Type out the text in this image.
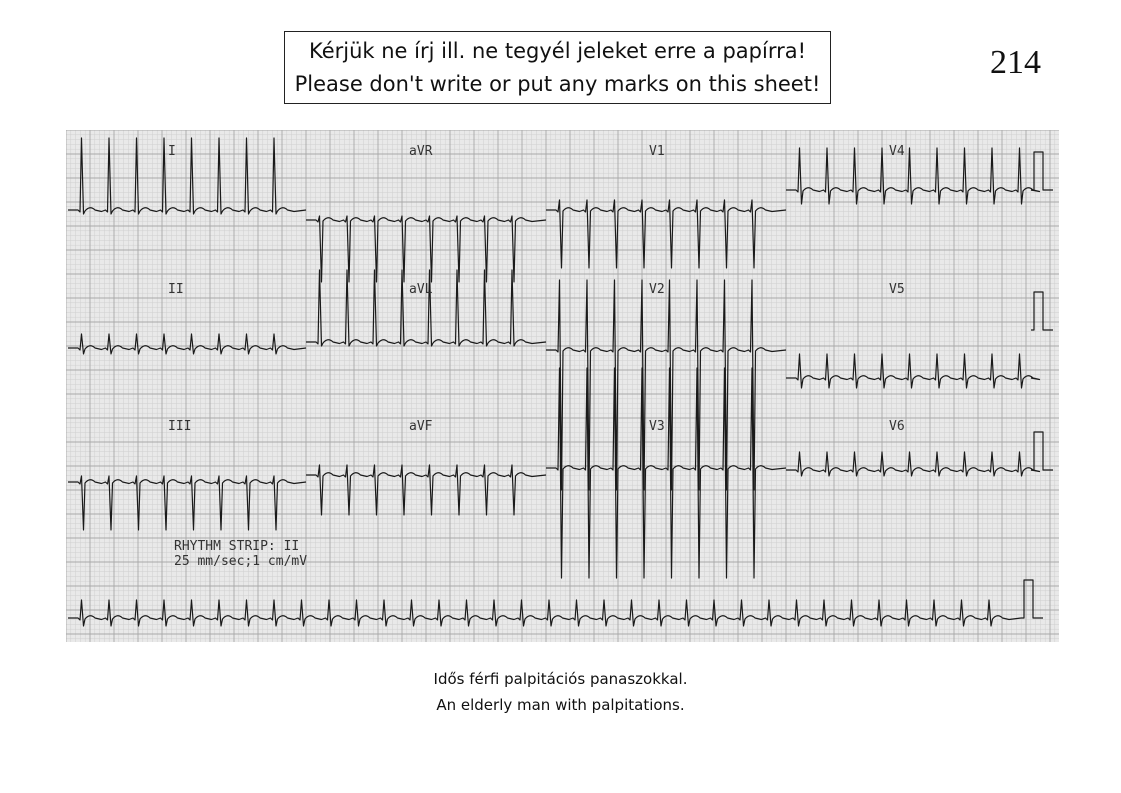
Kérjük ne írj ill. ne tegyél jeleket erre a papírra!
Please don't write or put any marks on this sheet!
214
I	aVR	V1	V4
II	aVL	V2	V5
III	aVF	V3	V6
RHYTHM STRIP: II
25 mm/sec;1 cm/mV
Idős férfi palpitációs panaszokkal.
An elderly man with palpitations.
